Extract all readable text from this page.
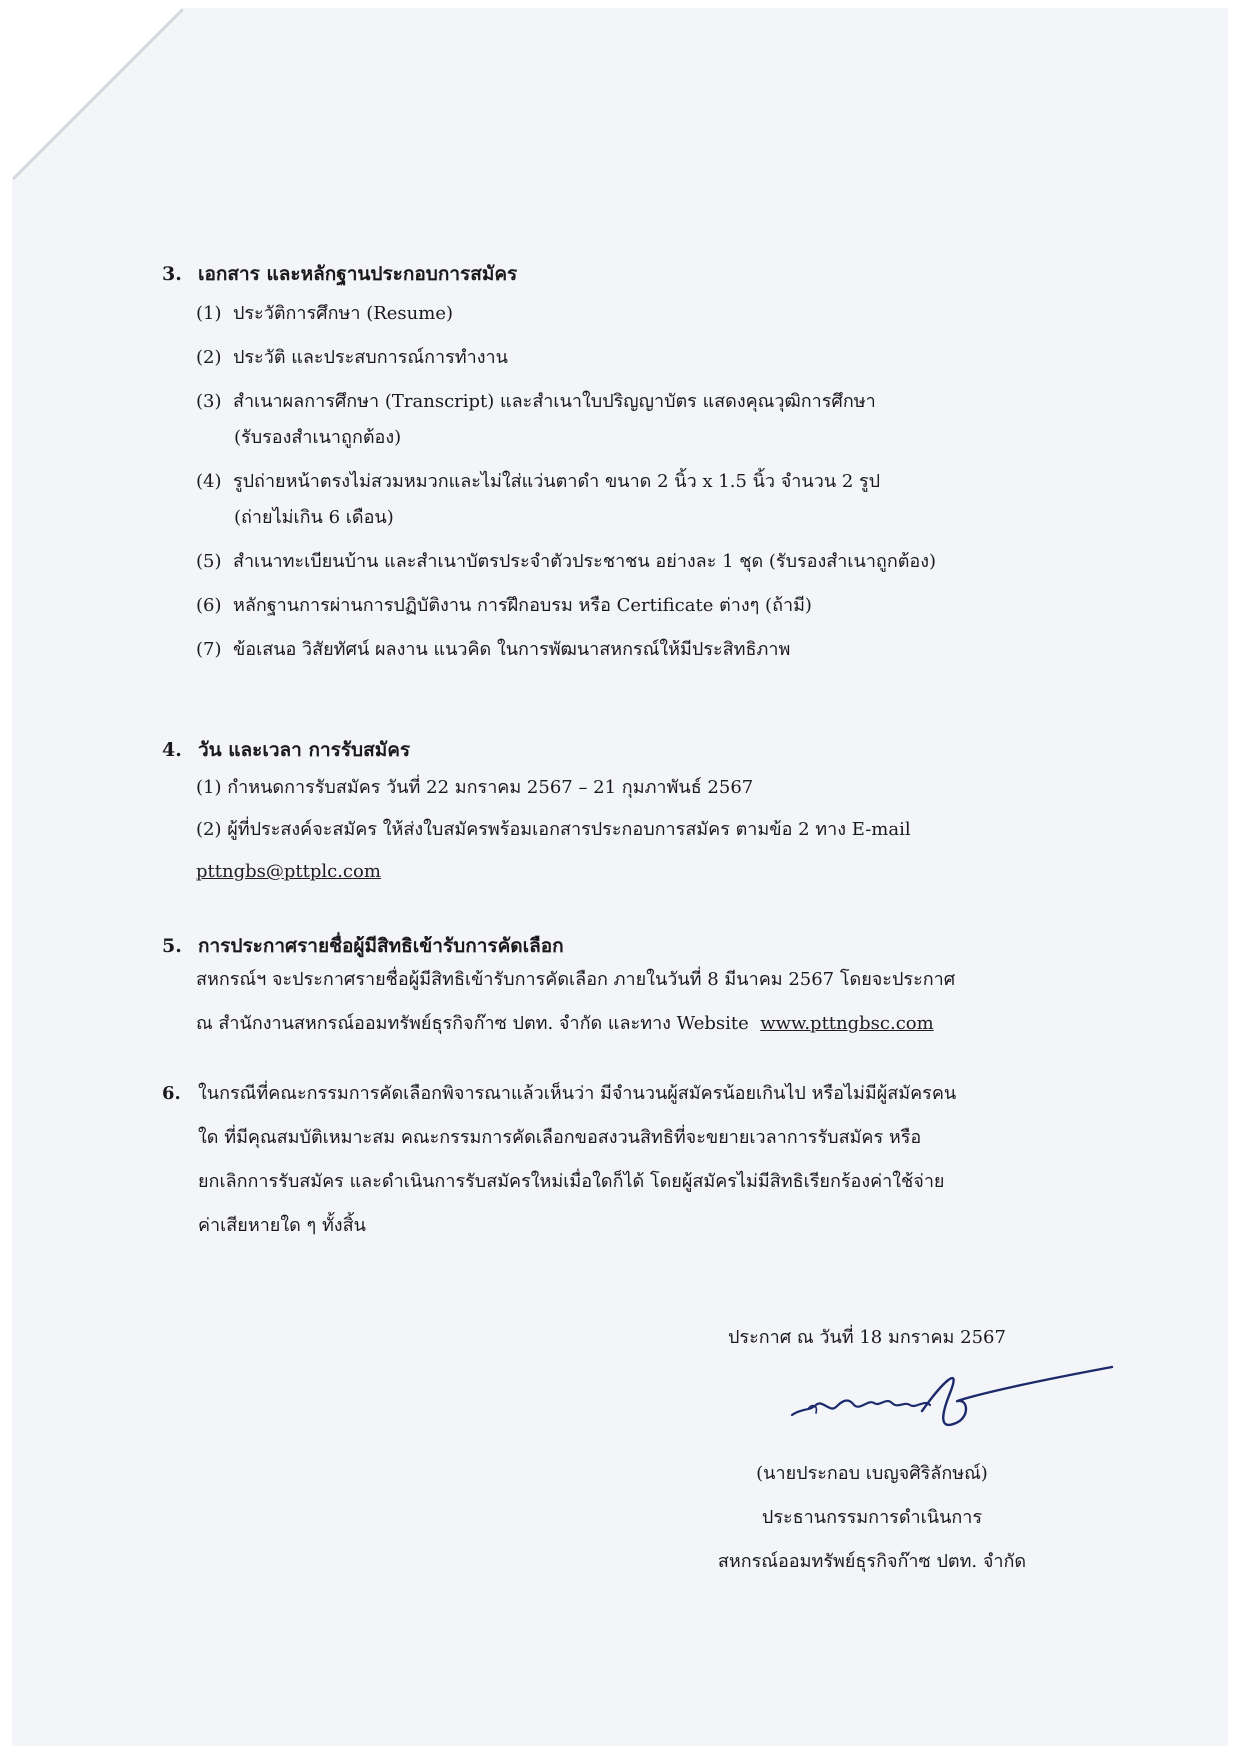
3. เอกสาร และหลักฐานประกอบการสมัคร
(1) ประวัติการศึกษา (Resume)
(2) ประวัติ และประสบการณ์การทำงาน
(3) สำเนาผลการศึกษา (Transcript) และสำเนาใบปริญญาบัตร แสดงคุณวุฒิการศึกษา
(รับรองสำเนาถูกต้อง)
(4) รูปถ่ายหน้าตรงไม่สวมหมวกและไม่ใส่แว่นตาดำ ขนาด 2 นิ้ว x 1.5 นิ้ว จำนวน 2 รูป
(ถ่ายไม่เกิน 6 เดือน)
(5) สำเนาทะเบียนบ้าน และสำเนาบัตรประจำตัวประชาชน อย่างละ 1 ชุด (รับรองสำเนาถูกต้อง)
(6) หลักฐานการผ่านการปฏิบัติงาน การฝึกอบรม หรือ Certificate ต่างๆ (ถ้ามี)
(7) ข้อเสนอ วิสัยทัศน์ ผลงาน แนวคิด ในการพัฒนาสหกรณ์ให้มีประสิทธิภาพ
4. วัน และเวลา การรับสมัคร
(1) กำหนดการรับสมัคร วันที่ 22 มกราคม 2567 – 21 กุมภาพันธ์ 2567
(2) ผู้ที่ประสงค์จะสมัคร ให้ส่งใบสมัครพร้อมเอกสารประกอบการสมัคร ตามข้อ 2 ทาง E-mail
pttngbs@pttplc.com
5. การประกาศรายชื่อผู้มีสิทธิเข้ารับการคัดเลือก
สหกรณ์ฯ จะประกาศรายชื่อผู้มีสิทธิเข้ารับการคัดเลือก ภายในวันที่ 8 มีนาคม 2567 โดยจะประกาศ
ณ สำนักงานสหกรณ์ออมทรัพย์ธุรกิจก๊าซ ปตท. จำกัด และทาง Website www.pttngbsc.com
6. ในกรณีที่คณะกรรมการคัดเลือกพิจารณาแล้วเห็นว่า มีจำนวนผู้สมัครน้อยเกินไป หรือไม่มีผู้สมัครคน
ใด ที่มีคุณสมบัติเหมาะสม คณะกรรมการคัดเลือกขอสงวนสิทธิที่จะขยายเวลาการรับสมัคร หรือ
ยกเลิกการรับสมัคร และดำเนินการรับสมัครใหม่เมื่อใดก็ได้ โดยผู้สมัครไม่มีสิทธิเรียกร้องค่าใช้จ่าย
ค่าเสียหายใด ๆ ทั้งสิ้น
ประกาศ ณ วันที่ 18 มกราคม 2567
(นายประกอบ เบญจศิริลักษณ์)
ประธานกรรมการดำเนินการ
สหกรณ์ออมทรัพย์ธุรกิจก๊าซ ปตท. จำกัด
